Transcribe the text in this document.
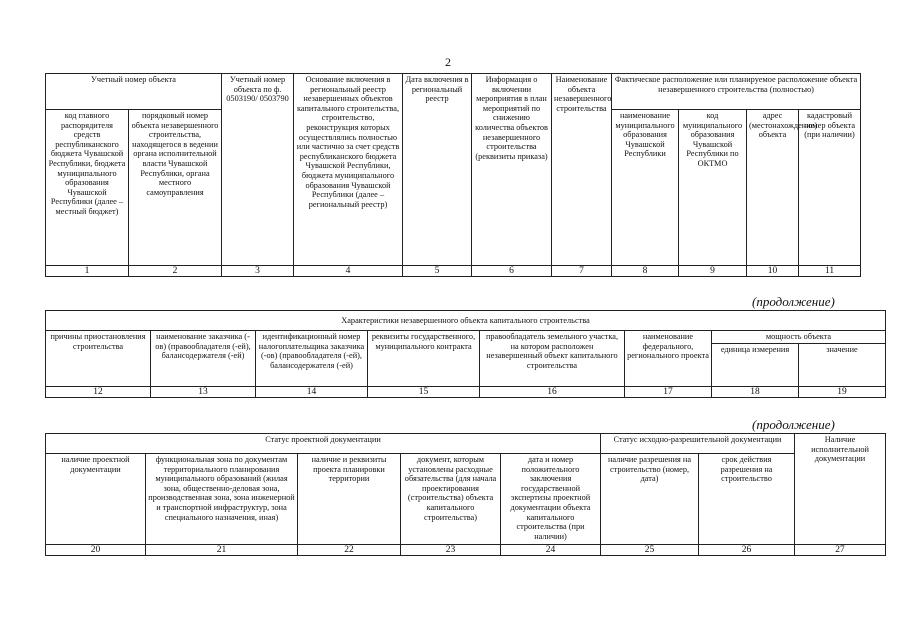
2
Учетный номер объекта		Учетный номер объекта по ф. 0503190/ 0503790	Основание включения в региональный реестр незавершенных объектов капитального строительства, строительство, реконструкция которых осуществлялись полностью или частично за счет средств республиканского бюджета Чувашской Республики, бюджета муниципального образования Чувашской Республики (далее – региональный реестр)	Дата включения в региональный реестр	Информация о включении мероприятия в план мероприятий по снижению количества объектов незавершенного строительства (реквизиты приказа)	Наименование объекта незавершенного строительства	Фактическое расположение или планируемое расположение объекта незавершенного строительства (полностью)			
код главного распорядителя средств республиканского бюджета Чувашской Республики, бюджета муниципального образования Чувашской Республики (далее – местный бюджет)	порядковый номер объекта незавершенного строительства, находящегося в ведении органа исполнительной власти Чувашской Республики, органа местного самоуправления						наименование муниципального образования Чувашской Республики	код муниципального образования Чувашской Республики по ОКТМО	адрес (местонахождение) объекта	кадастровый номер объекта (при наличии)
1	2	3	4	5	6	7	8	9	10	11
(продолжение)
Характеристики незавершенного объекта капитального строительства							
причины приостановления строительства	наименование заказчика (-ов) (правообладателя (-ей), балансодержателя (-ей)	идентификационный номер налогоплательщика заказчика (-ов) (правообладателя (-ей), балансодержателя (-ей)	реквизиты государственного, муниципального контракта	правообладатель земельного участка, на котором расположен незавершенный объект капитального строительства	наименование федерального, регионального проекта	мощность объекта	
						единица измерения	значение
12	13	14	15	16	17	18	19
(продолжение)
Статус проектной документации					Статус исходно-разрешительной документации		Наличие исполнительной документации
наличие проектной документации	функциональная зона по документам территориального планирования муниципального образований (жилая зона, общественно-деловая зона, производственная зона, зона инженерной и транспортной инфраструктур, зона специального назначения, иная)	наличие и реквизиты проекта планировки территории	документ, которым установлены расходные обязательства (для начала проектирования (строительства) объекта капитального строительства)	дата и номер положительного заключения государственной экспертизы проектной документации объекта капитального строительства (при наличии)	наличие разрешения на строительство (номер, дата)	срок действия разрешения на строительство	
20	21	22	23	24	25	26	27
